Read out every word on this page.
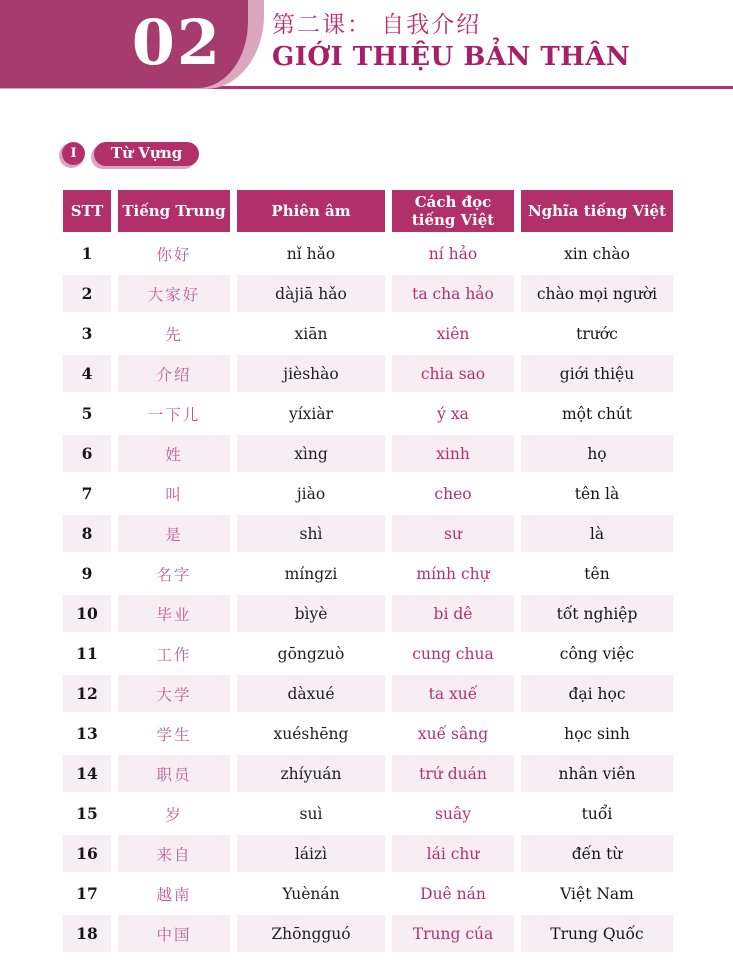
02	第二课： 自我介绍
GIỚI THIỆU BẢN THÂN
I	Từ Vựng
STT	Tiếng Trung	Phiên âm	Cách đọc tiếng Việt	Nghĩa tiếng Việt
1	你好	nǐ hǎo	ní hảo	xin chào
2	大家好	dàjiā hǎo	ta cha hảo	chào mọi người
3	先	xiān	xiên	trước
4	介绍	jièshào	chia sao	giới thiệu
5	一下儿	yíxiàr	ý xa	một chút
6	姓	xìng	xinh	họ
7	叫	jiào	cheo	tên là
8	是	shì	sư	là
9	名字	míngzi	mính chự	tên
10	毕业	bìyè	bi dê	tốt nghiệp
11	工作	gōngzuò	cung chua	công việc
12	大学	dàxué	ta xuế	đại học
13	学生	xuéshēng	xuế sâng	học sinh
14	职员	zhíyuán	trứ duán	nhân viên
15	岁	suì	suây	tuổi
16	来自	láizì	lái chư	đến từ
17	越南	Yuènán	Duê nán	Việt Nam
18	中国	Zhōngguó	Trung cúa	Trung Quốc
